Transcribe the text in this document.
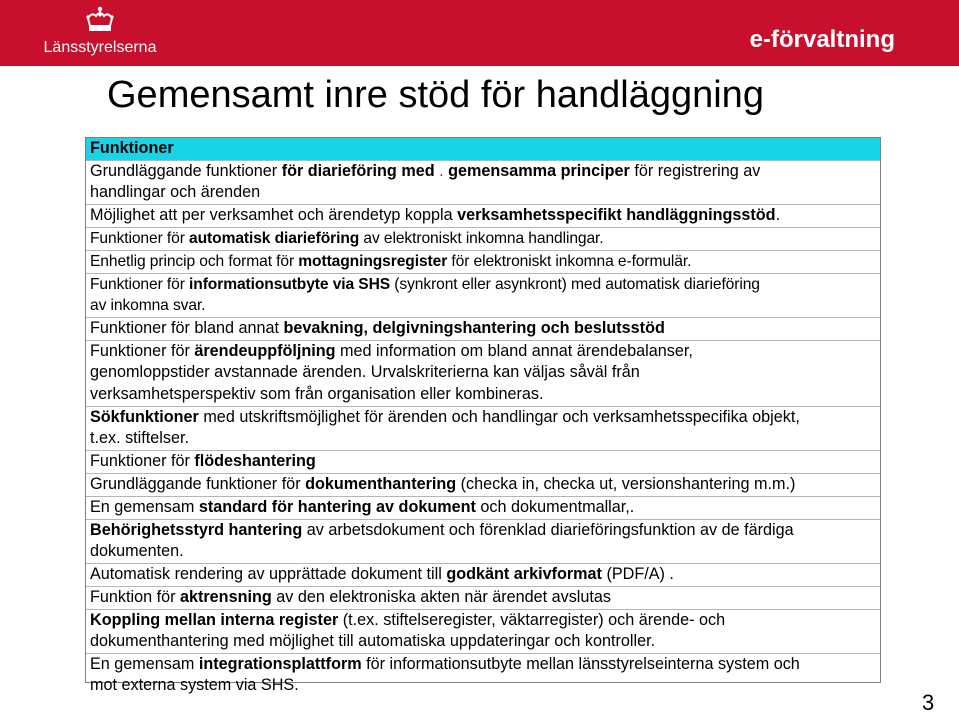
Länsstyrelserna	e-förvaltning
Gemensamt inre stöd för handläggning
Funktioner
Grundläggande funktioner för diarieföring med . gemensamma principer för registrering av
handlingar och ärenden
Möjlighet att per verksamhet och ärendetyp koppla verksamhetsspecifikt handläggningsstöd.
Funktioner för automatisk diarieföring av elektroniskt inkomna handlingar.
Enhetlig princip och format för mottagningsregister för elektroniskt inkomna e-formulär.
Funktioner för informationsutbyte via SHS (synkront eller asynkront) med automatisk diarieföring
av inkomna svar.
Funktioner för bland annat bevakning, delgivningshantering och beslutsstöd
Funktioner för ärendeuppföljning med information om bland annat ärendebalanser,
genomloppstider avstannade ärenden. Urvalskriterierna kan väljas såväl från
verksamhetsperspektiv som från organisation eller kombineras.
Sökfunktioner med utskriftsmöjlighet för ärenden och handlingar och verksamhetsspecifika objekt,
t.ex. stiftelser.
Funktioner för flödeshantering
Grundläggande funktioner för dokumenthantering (checka in, checka ut, versionshantering m.m.)
En gemensam standard för hantering av dokument och dokumentmallar,.
Behörighetsstyrd hantering av arbetsdokument och förenklad diarieföringsfunktion av de färdiga
dokumenten.
Automatisk rendering av upprättade dokument till godkänt arkivformat (PDF/A) .
Funktion för aktrensning av den elektroniska akten när ärendet avslutas
Koppling mellan interna register (t.ex. stiftelseregister, väktarregister) och ärende- och
dokumenthantering med möjlighet till automatiska uppdateringar och kontroller.
En gemensam integrationsplattform för informationsutbyte mellan länsstyrelseinterna system och
mot externa system via SHS.
3
